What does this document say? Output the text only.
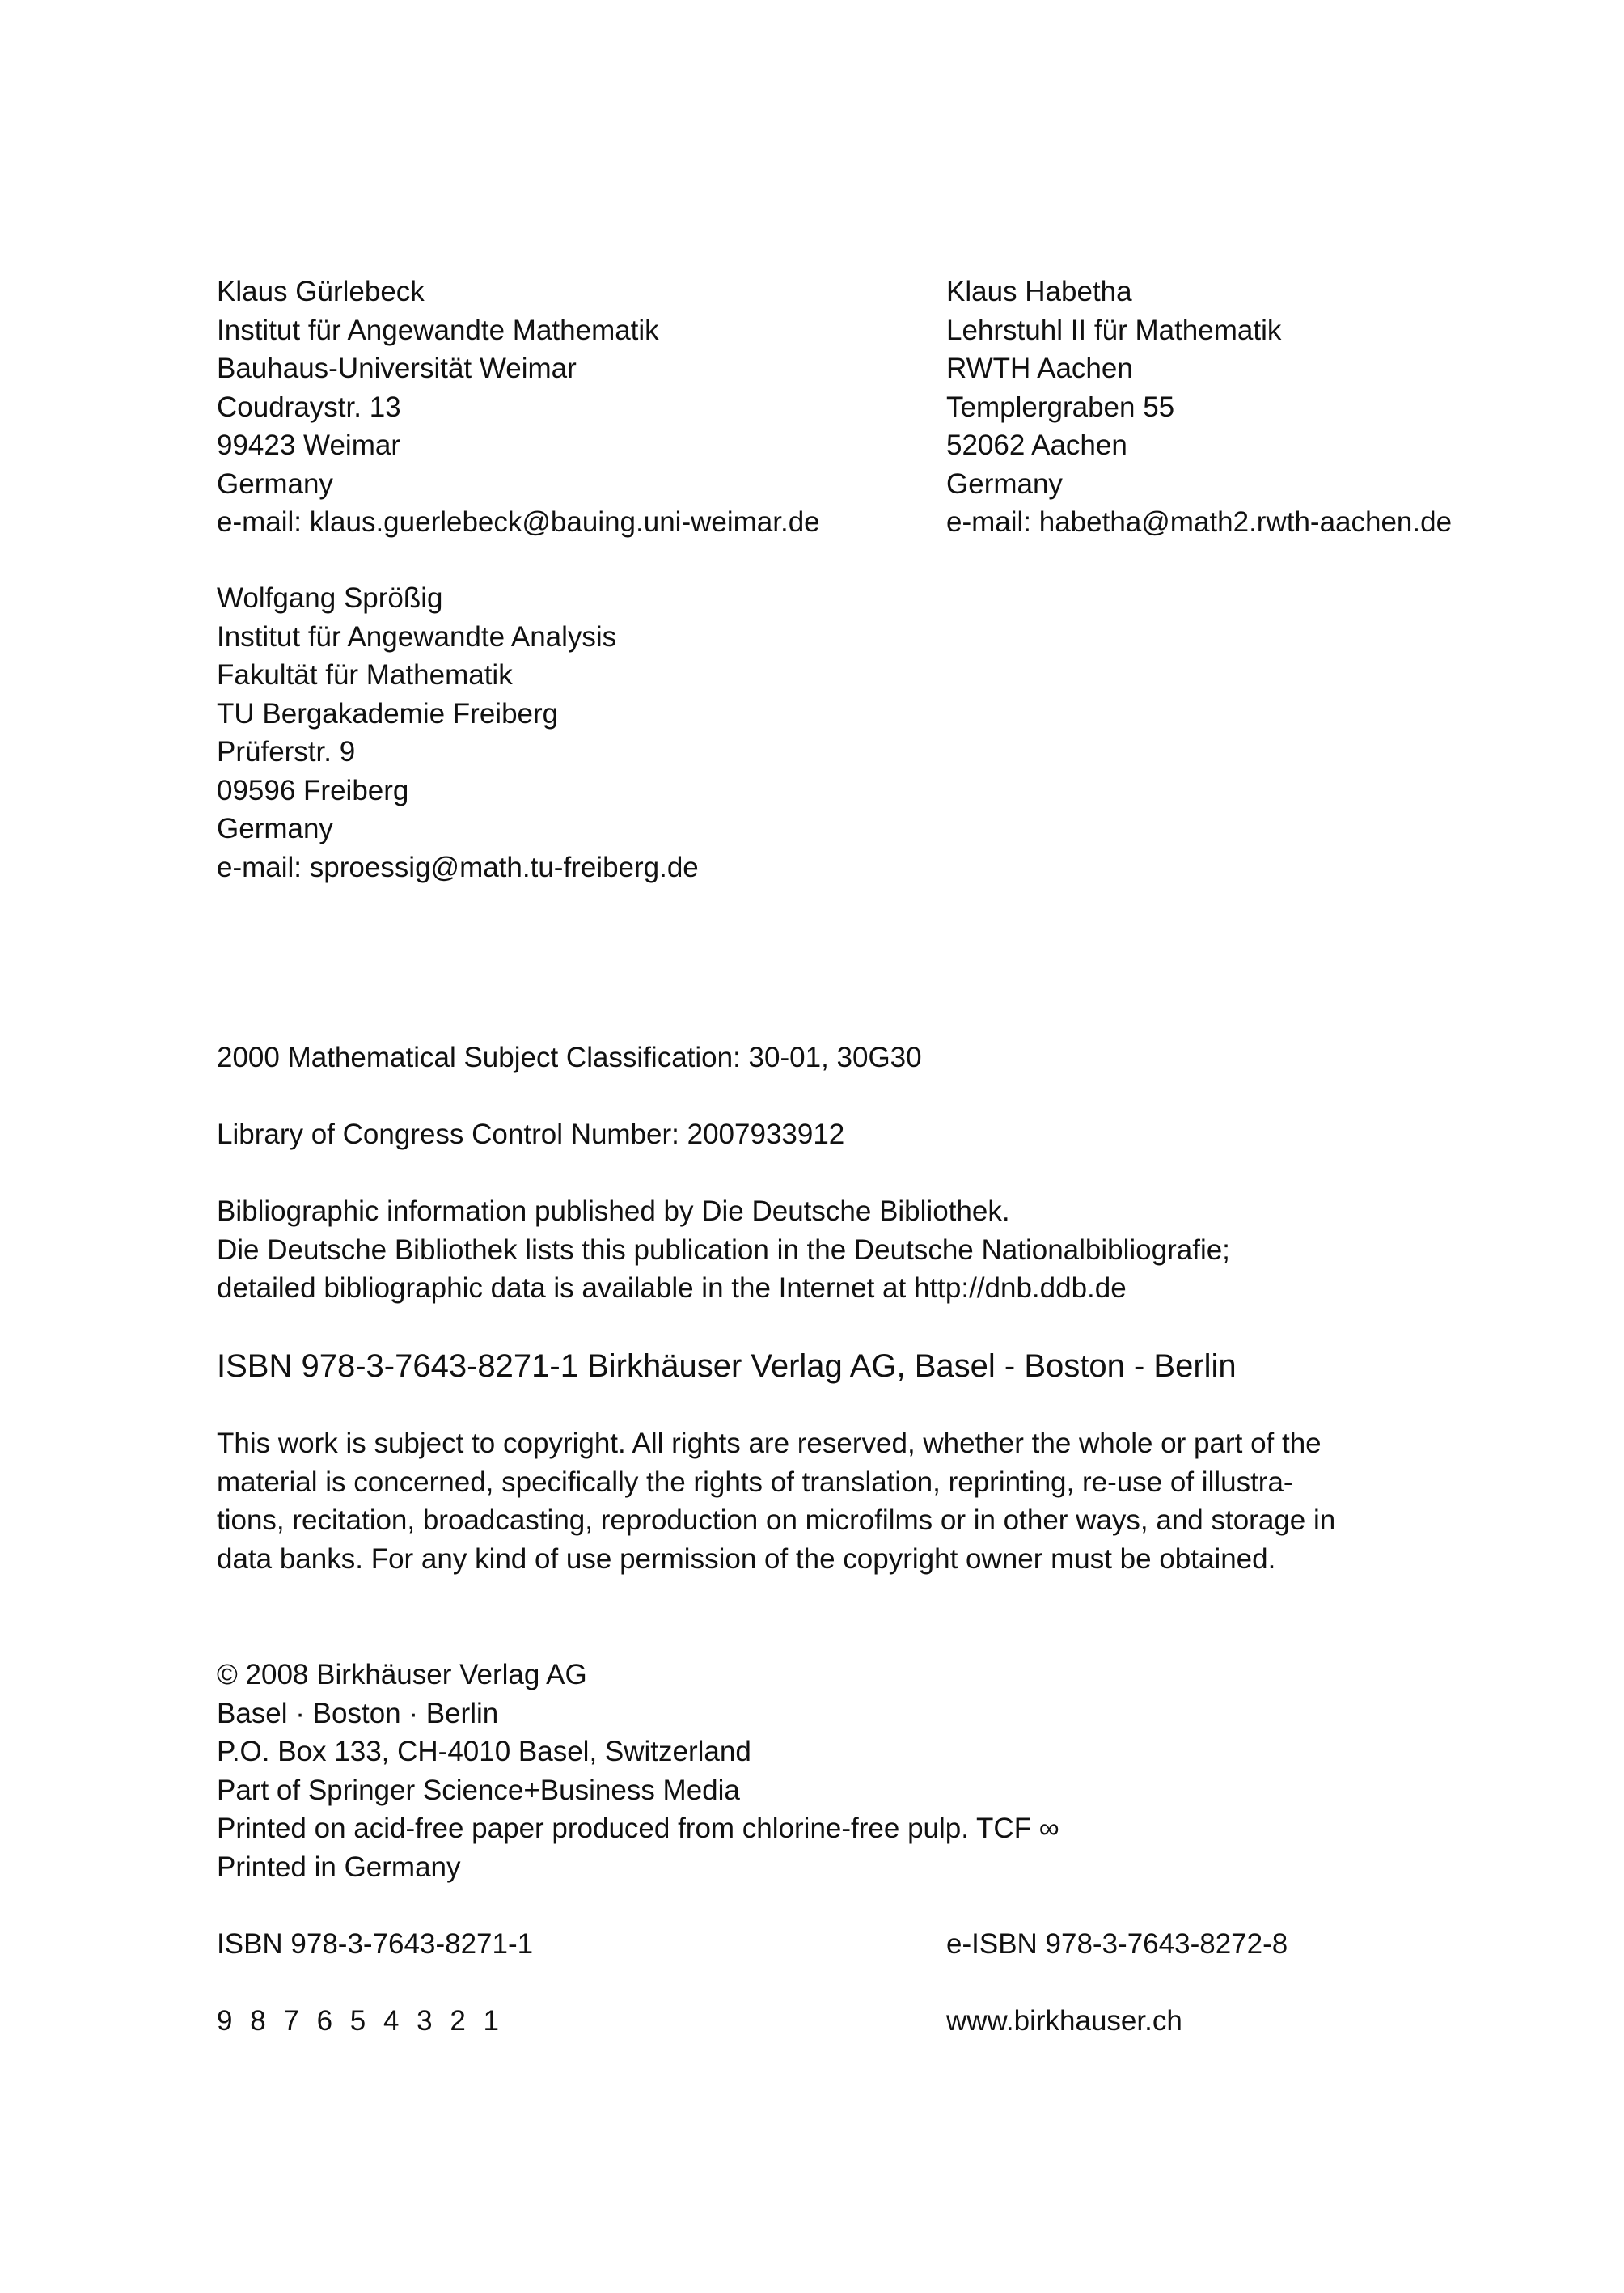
Klaus Gürlebeck
Institut für Angewandte Mathematik
Bauhaus-Universität Weimar
Coudraystr. 13
99423 Weimar
Germany
e-mail: klaus.guerlebeck@bauing.uni-weimar.de
Klaus Habetha
Lehrstuhl II für Mathematik
RWTH Aachen
Templergraben 55
52062 Aachen
Germany
e-mail: habetha@math2.rwth-aachen.de
Wolfgang Sprößig
Institut für Angewandte Analysis
Fakultät für Mathematik
TU Bergakademie Freiberg
Prüferstr. 9
09596 Freiberg
Germany
e-mail: sproessig@math.tu-freiberg.de
2000 Mathematical Subject Classification: 30-01, 30G30
Library of Congress Control Number: 2007933912
Bibliographic information published by Die Deutsche Bibliothek.
Die Deutsche Bibliothek lists this publication in the Deutsche Nationalbibliografie;
detailed bibliographic data is available in the Internet at http://dnb.ddb.de
ISBN 978-3-7643-8271-1 Birkhäuser Verlag AG, Basel - Boston - Berlin
This work is subject to copyright. All rights are reserved, whether the whole or part of the
material is concerned, specifically the rights of translation, reprinting, re-use of illustra-
tions, recitation, broadcasting, reproduction on microfilms or in other ways, and storage in
data banks. For any kind of use permission of the copyright owner must be obtained.
© 2008 Birkhäuser Verlag AG
Basel · Boston · Berlin
P.O. Box 133, CH-4010 Basel, Switzerland
Part of Springer Science+Business Media
Printed on acid-free paper produced from chlorine-free pulp. TCF ∞
Printed in Germany
ISBN 978-3-7643-8271-1	e-ISBN 978-3-7643-8272-8
9 8 7 6 5 4 3 2 1	www.birkhauser.ch
